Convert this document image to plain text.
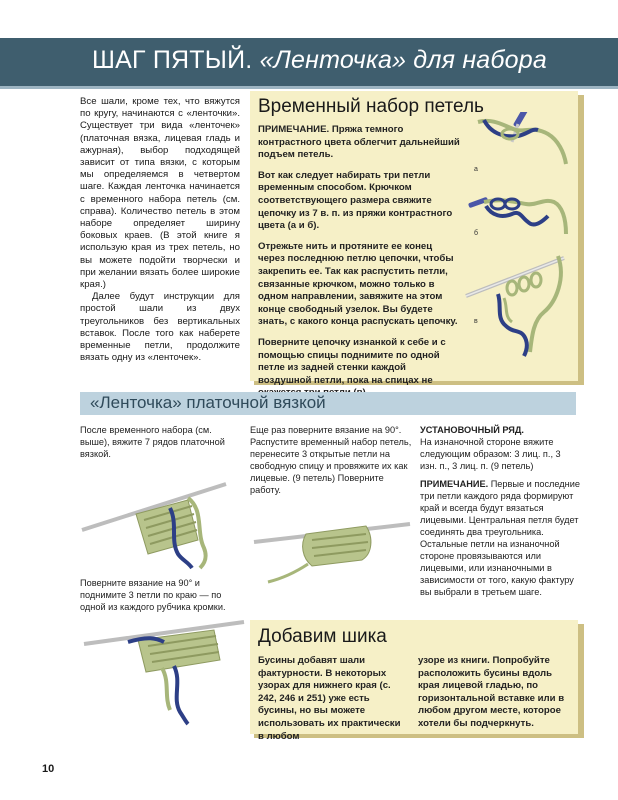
ШАГ ПЯТЫЙ. «Ленточка» для набора

Все шали, кроме тех, что вяжутся по кругу, начинаются с «ленточки». Существует три вида «ленточек» (платочная вязка, лицевая гладь и ажурная), выбор подходящей зависит от типа вязки, с которым мы определяемся в четвертом шаге. Каждая ленточка начинается с временного набора петель (см. справа). Количество петель в этом наборе определяет ширину боковых краев. (В этой книге я использую края из трех петель, но вы можете подойти творчески и при желании вязать более широкие края.)

Далее будут инструкции для простой шали из двух треугольников без вертикальных вставок. После того как наберете временные петли, продолжите вязать одну из «ленточек».

Временный набор петель

ПРИМЕЧАНИЕ. Пряжа темного контрастного цвета облегчит дальнейший подъем петель.

Вот как следует набирать три петли временным способом. Крючком соответствующего размера свяжите цепочку из 7 в. п. из пряжи контрастного цвета (а и б).

Отрежьте нить и протяните ее конец через последнюю петлю цепочки, чтобы закрепить ее. Так как распустить петли, связанные крючком, можно только в одном направлении, завяжите на этом конце свободный узелок. Вы будете знать, с какого конца распускать цепочку.

Поверните цепочку изнанкой к себе и с помощью спицы поднимите по одной петле из задней стенки каждой воздушной петли, пока на спицах не

а
б
в
«Ленточка» платочной вязкой
После временного набора (см. выше), вяжите 7 рядов платочной вязкой.
Поверните вязание на 90° и поднимите 3 петли по краю — по одной из каждого рубчика кромки.
Еще раз поверните вязание на 90°. Распустите временный набор петель, перенесите 3 открытые петли на свободную спицу и провяжите их как лицевые. (9 петель) Поверните работу.

УСТАНОВОЧНЫЙ РЯД.

На изнаночной стороне вяжите следующим образом: 3 лиц. п., 3 изн. п., 3 лиц. п. (9 петель)

ПРИМЕЧАНИЕ. Первые и последние три петли каждого ряда формируют край и всегда будут вязаться лицевыми. Центральная петля будет соединять два треугольника. Остальные петли на изнаночной стороне провязываются или лицевыми, или изнаночными в зависимости от того, какую фактуру вы выбрали в третьем шаге.

Добавим шика
Бусины добавят шали фактурности. В некоторых узорах для нижнего края (с. 242, 246 и 251) уже есть бусины, но вы можете использовать их практически в любом
узоре из книги. Попробуйте расположить бусины вдоль края лицевой гладью, по горизонтальной вставке или в любом другом месте, которое хотели бы подчеркнуть.
10
